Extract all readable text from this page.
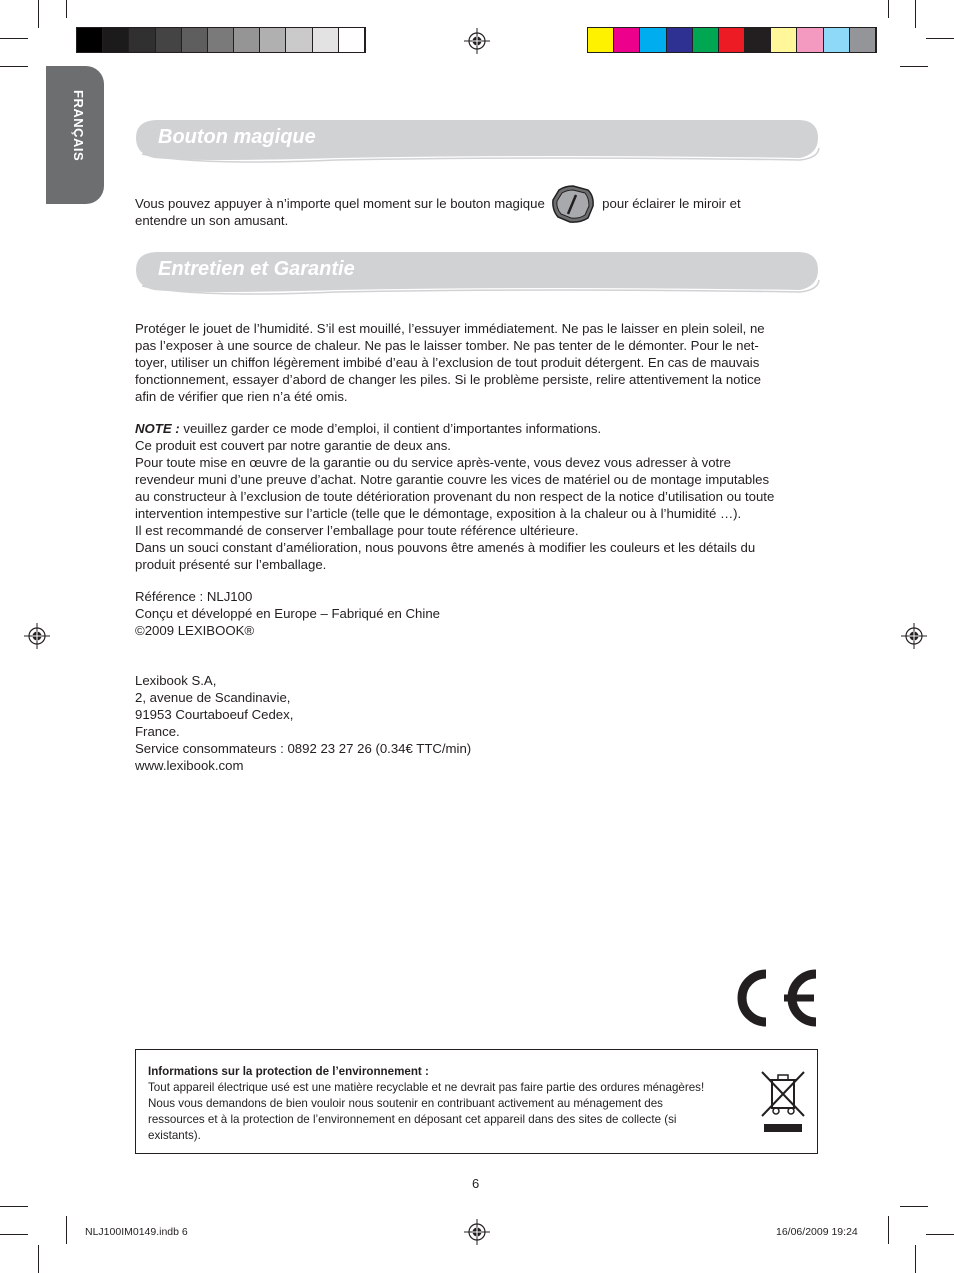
FRANÇAIS	Bouton magique

Vous pouvez appuyer à n’importe quel moment sur le bouton magique	pour éclairer le miroir et

entendre un son amusant.

Entretien et Garantie

Protéger le jouet de l’humidité. S’il est mouillé, l’essuyer immédiatement. Ne pas le laisser en plein soleil, ne

pas l’exposer à une source de chaleur. Ne pas le laisser tomber. Ne pas tenter de le démonter. Pour le net-

toyer, utiliser un chiffon légèrement imbibé d’eau à l’exclusion de tout produit détergent. En cas de mauvais

fonctionnement, essayer d’abord de changer les piles. Si le problème persiste, relire attentivement la notice

afin de vérifier que rien n’a été omis.

NOTE : veuillez garder ce mode d’emploi, il contient d’importantes informations.

Ce produit est couvert par notre garantie de deux ans.

Pour toute mise en œuvre de la garantie ou du service après-vente, vous devez vous adresser à votre

revendeur muni d’une preuve d’achat. Notre garantie couvre les vices de matériel ou de montage imputables

au constructeur à l’exclusion de toute détérioration provenant du non respect de la notice d’utilisation ou toute

intervention intempestive sur l’article (telle que le démontage, exposition à la chaleur ou à l’humidité …).

Il est recommandé de conserver l’emballage pour toute référence ultérieure.

Dans un souci constant d’amélioration, nous pouvons être amenés à modifier les couleurs et les détails du

produit présenté sur l’emballage.

Référence : NLJ100

Conçu et développé en Europe – Fabriqué en Chine

©2009 LEXIBOOK®

Lexibook S.A,

2, avenue de Scandinavie,

91953 Courtaboeuf Cedex,

France.

Service consommateurs : 0892 23 27 26 (0.34€ TTC/min)

www.lexibook.com

Informations sur la protection de l’environnement :
Tout appareil électrique usé est une matière recyclable et ne devrait pas faire partie des ordures ménagères!
Nous vous demandons de bien vouloir nous soutenir en contribuant activement au ménagement des
ressources et à la protection de l’environnement en déposant cet appareil dans des sites de collecte (si
existants).
6
NLJ100IM0149.indb 6	16/06/2009 19:24
